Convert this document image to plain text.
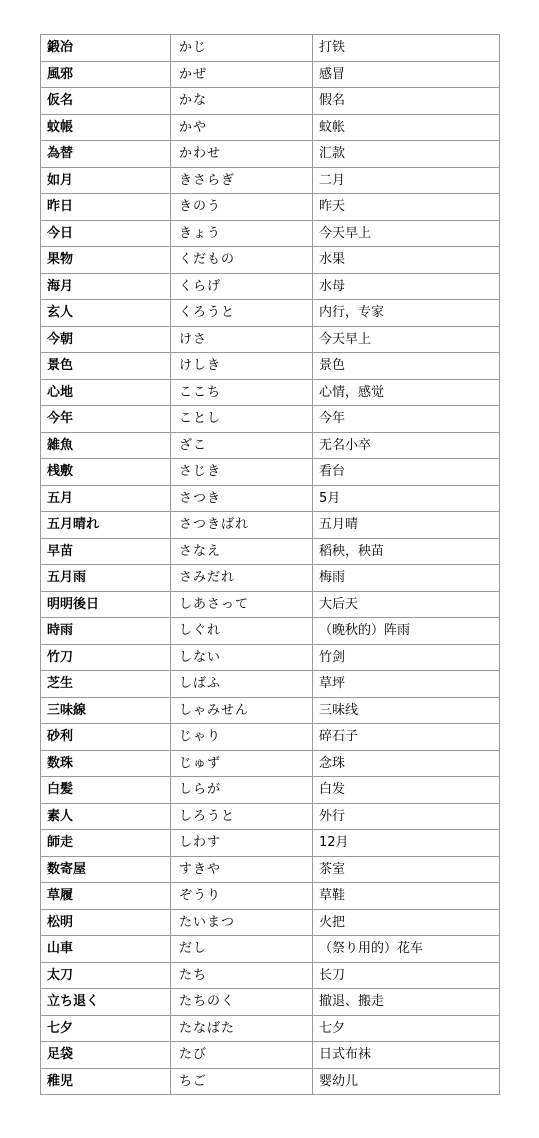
鍛冶	かじ	打铁
風邪	かぜ	感冒
仮名	かな	假名
蚊帳	かや	蚊帐
為替	かわせ	汇款
如月	きさらぎ	二月
昨日	きのう	昨天
今日	きょう	今天早上
果物	くだもの	水果
海月	くらげ	水母
玄人	くろうと	内行，专家
今朝	けさ	今天早上
景色	けしき	景色
心地	ここち	心情，感觉
今年	ことし	今年
雑魚	ざこ	无名小卒
桟敷	さじき	看台
五月	さつき	5月
五月晴れ	さつきばれ	五月晴
早苗	さなえ	稻秧，秧苗
五月雨	さみだれ	梅雨
明明後日	しあさって	大后天
時雨	しぐれ	（晚秋的）阵雨
竹刀	しない	竹剑
芝生	しばふ	草坪
三味線	しゃみせん	三味线
砂利	じゃり	碎石子
数珠	じゅず	念珠
白髪	しらが	白发
素人	しろうと	外行
師走	しわす	12月
数寄屋	すきや	茶室
草履	ぞうり	草鞋
松明	たいまつ	火把
山車	だし	（祭り用的）花车
太刀	たち	长刀
立ち退く	たちのく	撤退、搬走
七夕	たなばた	七夕
足袋	たび	日式布袜
稚児	ちご	婴幼儿
